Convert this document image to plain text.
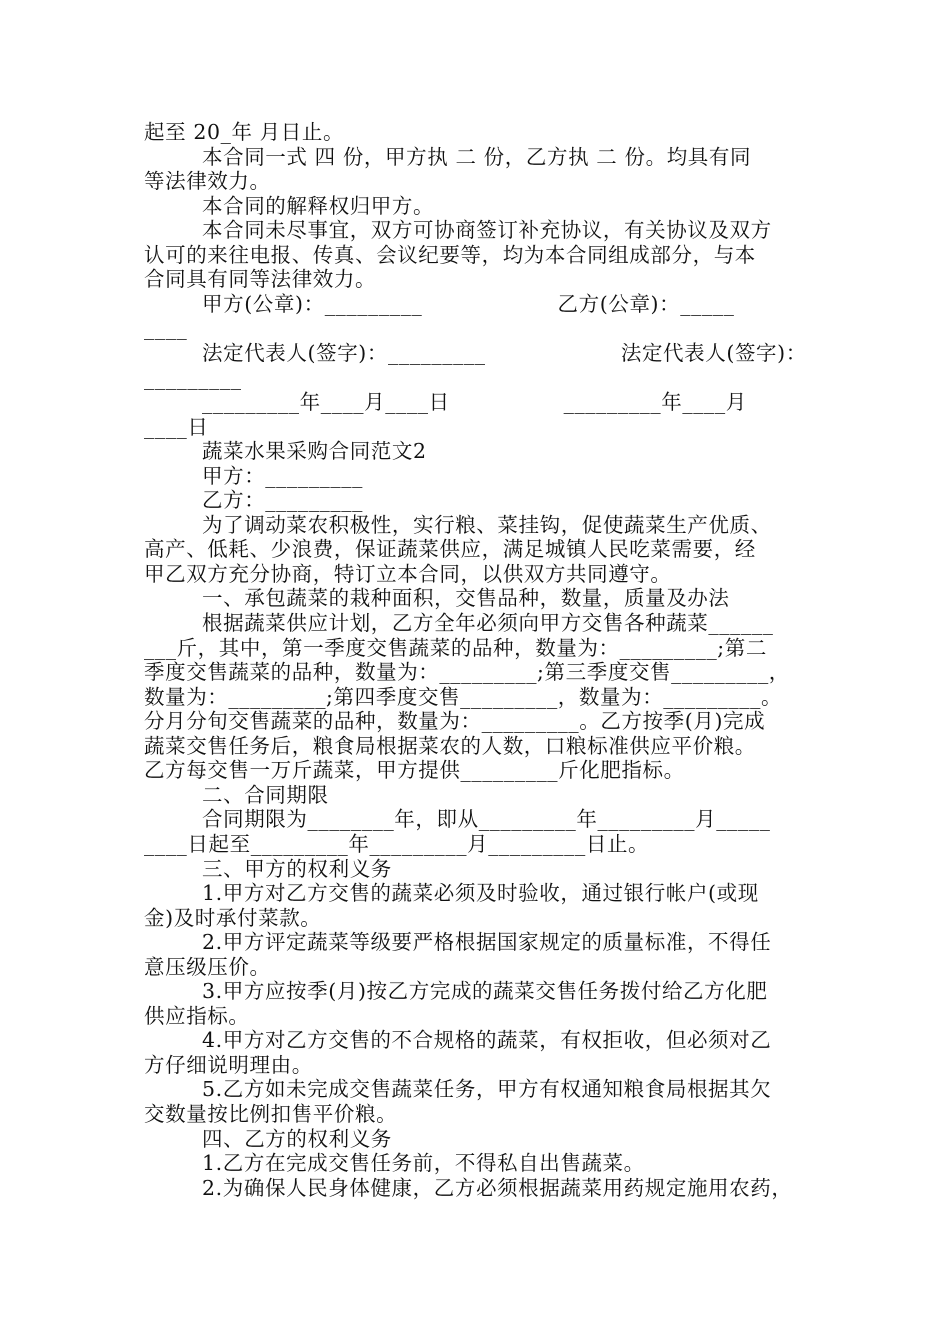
起至 20_年 月日止。
本合同一式 四 份，甲方执 二 份，乙方执 二 份。均具有同
等法律效力。
本合同的解释权归甲方。
本合同未尽事宜，双方可协商签订补充协议，有关协议及双方
认可的来往电报、传真、会议纪要等，均为本合同组成部分，与本
合同具有同等法律效力。
甲方(公章)：_________                   乙方(公章)：_____
____
法定代表人(签字)：_________                   法定代表人(签字)：
_________
_________年____月____日                _________年____月
____日
蔬菜水果采购合同范文2
甲方：_________
乙方：_________
为了调动菜农积极性，实行粮、菜挂钩，促使蔬菜生产优质、
高产、低耗、少浪费，保证蔬菜供应，满足城镇人民吃菜需要，经
甲乙双方充分协商，特订立本合同，以供双方共同遵守。
一、承包蔬菜的栽种面积，交售品种，数量，质量及办法
根据蔬菜供应计划，乙方全年必须向甲方交售各种蔬菜______
___斤，其中，第一季度交售蔬菜的品种，数量为：_________;第二
季度交售蔬菜的品种，数量为：_________;第三季度交售_________，
数量为：_________;第四季度交售_________，数量为：_________。
分月分旬交售蔬菜的品种，数量为：_________。乙方按季(月)完成
蔬菜交售任务后，粮食局根据菜农的人数，口粮标准供应平价粮。
乙方每交售一万斤蔬菜，甲方提供_________斤化肥指标。
二、合同期限
合同期限为________年，即从_________年_________月_____
____日起至_________年_________月_________日止。
三、甲方的权利义务
1.甲方对乙方交售的蔬菜必须及时验收，通过银行帐户(或现
金)及时承付菜款。
2.甲方评定蔬菜等级要严格根据国家规定的质量标准，不得任
意压级压价。
3.甲方应按季(月)按乙方完成的蔬菜交售任务拨付给乙方化肥
供应指标。
4.甲方对乙方交售的不合规格的蔬菜，有权拒收，但必须对乙
方仔细说明理由。
5.乙方如未完成交售蔬菜任务，甲方有权通知粮食局根据其欠
交数量按比例扣售平价粮。
四、乙方的权利义务
1.乙方在完成交售任务前，不得私自出售蔬菜。
2.为确保人民身体健康，乙方必须根据蔬菜用药规定施用农药，
